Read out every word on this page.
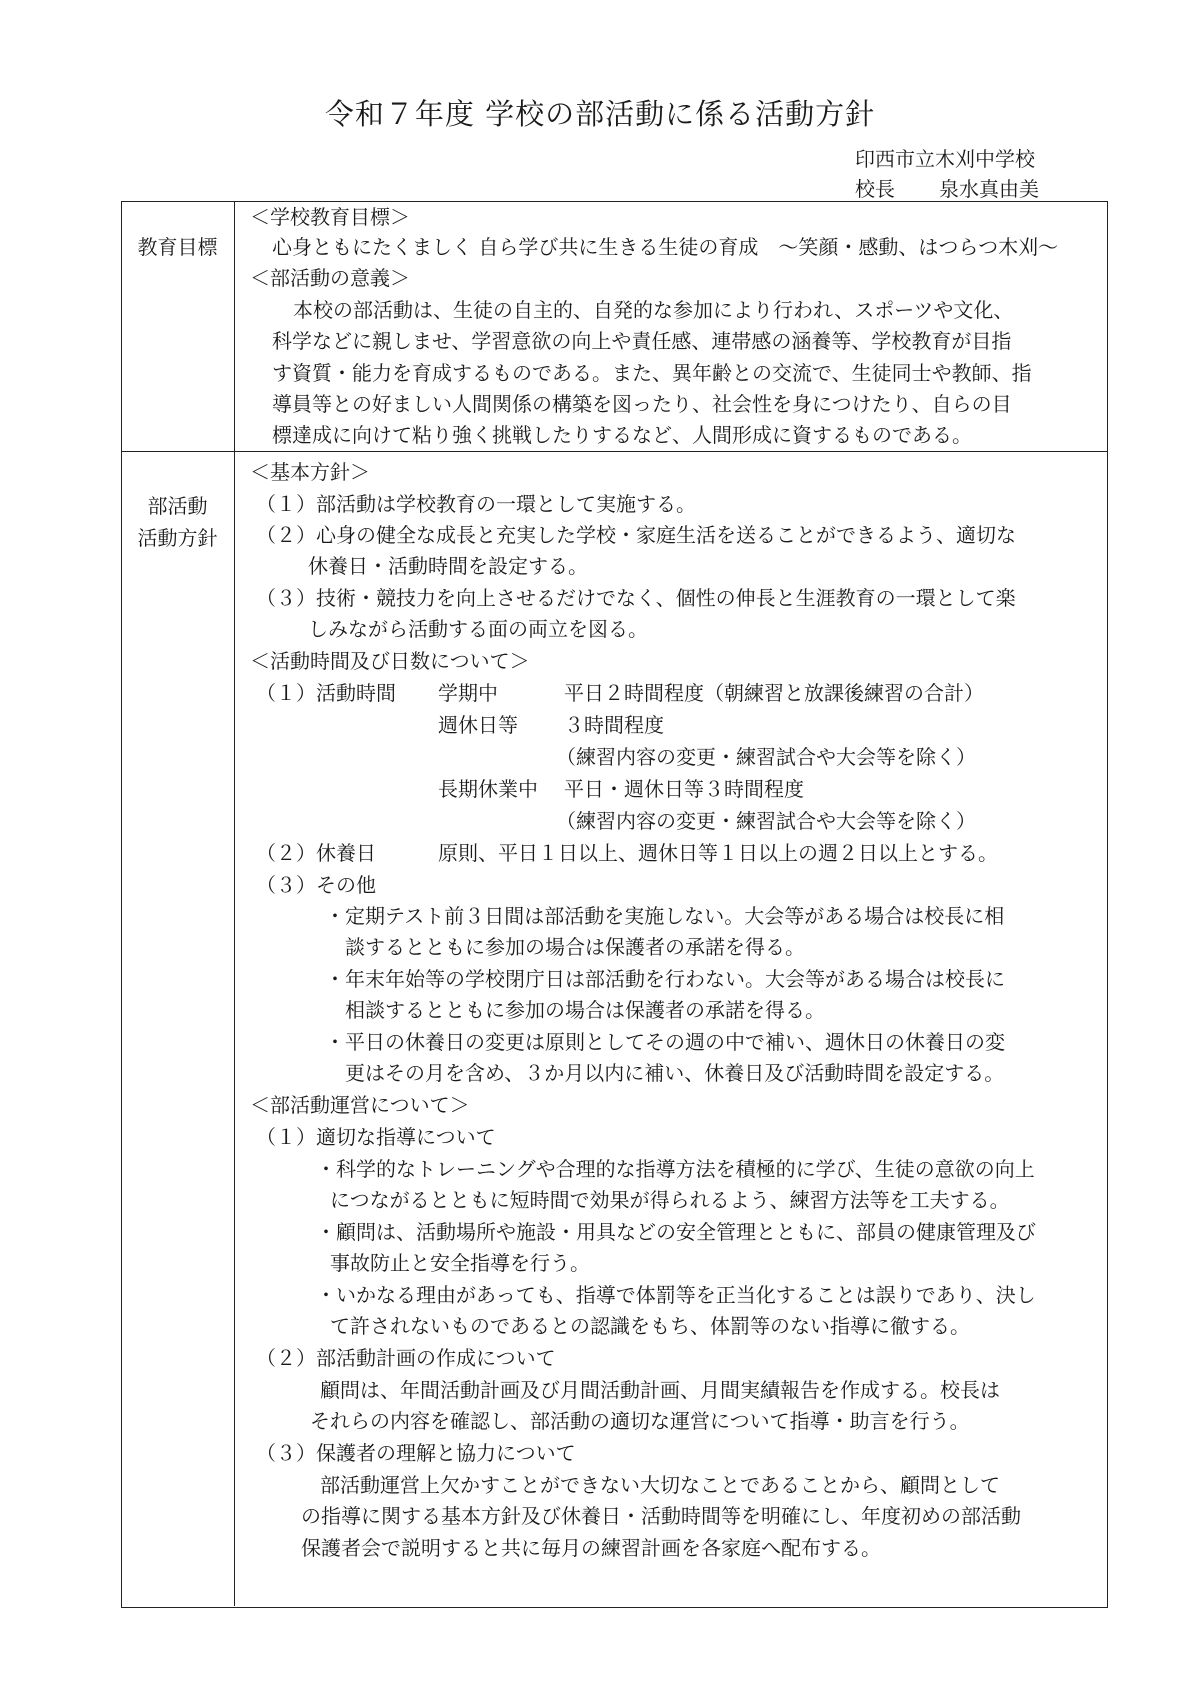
令和７年度 学校の部活動に係る活動方針
印西市立木刈中学校
校長 泉水真由美
教育目標
＜学校教育目標＞
心身ともにたくましく 自ら学び共に生きる生徒の育成　～笑顔・感動、はつらつ木刈～
＜部活動の意義＞
本校の部活動は、生徒の自主的、自発的な参加により行われ、スポーツや文化、
科学などに親しませ、学習意欲の向上や責任感、連帯感の涵養等、学校教育が目指
す資質・能力を育成するものである。また、異年齢との交流で、生徒同士や教師、指
導員等との好ましい人間関係の構築を図ったり、社会性を身につけたり、自らの目
標達成に向けて粘り強く挑戦したりするなど、人間形成に資するものである。
部活動
活動方針
＜基本方針＞
（１）部活動は学校教育の一環として実施する。
（２）心身の健全な成長と充実した学校・家庭生活を送ることができるよう、適切な
休養日・活動時間を設定する。
（３）技術・競技力を向上させるだけでなく、個性の伸長と生涯教育の一環として楽
しみながら活動する面の両立を図る。
＜活動時間及び日数について＞
（１）活動時間 学期中	平日２時間程度（朝練習と放課後練習の合計）
週休日等 ３時間程度
（練習内容の変更・練習試合や大会等を除く）
長期休業中 平日・週休日等３時間程度
（練習内容の変更・練習試合や大会等を除く）
（２）休養日	原則、平日１日以上、週休日等１日以上の週２日以上とする。
（３）その他
・定期テスト前３日間は部活動を実施しない。大会等がある場合は校長に相
談するとともに参加の場合は保護者の承諾を得る。
・年末年始等の学校閉庁日は部活動を行わない。大会等がある場合は校長に
相談するとともに参加の場合は保護者の承諾を得る。
・平日の休養日の変更は原則としてその週の中で補い、週休日の休養日の変
更はその月を含め、３か月以内に補い、休養日及び活動時間を設定する。
＜部活動運営について＞
（１）適切な指導について
・科学的なトレーニングや合理的な指導方法を積極的に学び、生徒の意欲の向上
につながるとともに短時間で効果が得られるよう、練習方法等を工夫する。
・顧問は、活動場所や施設・用具などの安全管理とともに、部員の健康管理及び
事故防止と安全指導を行う。
・いかなる理由があっても、指導で体罰等を正当化することは誤りであり、決し
て許されないものであるとの認識をもち、体罰等のない指導に徹する。
（２）部活動計画の作成について
顧問は、年間活動計画及び月間活動計画、月間実績報告を作成する。校長は
それらの内容を確認し、部活動の適切な運営について指導・助言を行う。
（３）保護者の理解と協力について
部活動運営上欠かすことができない大切なことであることから、顧問として
の指導に関する基本方針及び休養日・活動時間等を明確にし、年度初めの部活動
保護者会で説明すると共に毎月の練習計画を各家庭へ配布する。
